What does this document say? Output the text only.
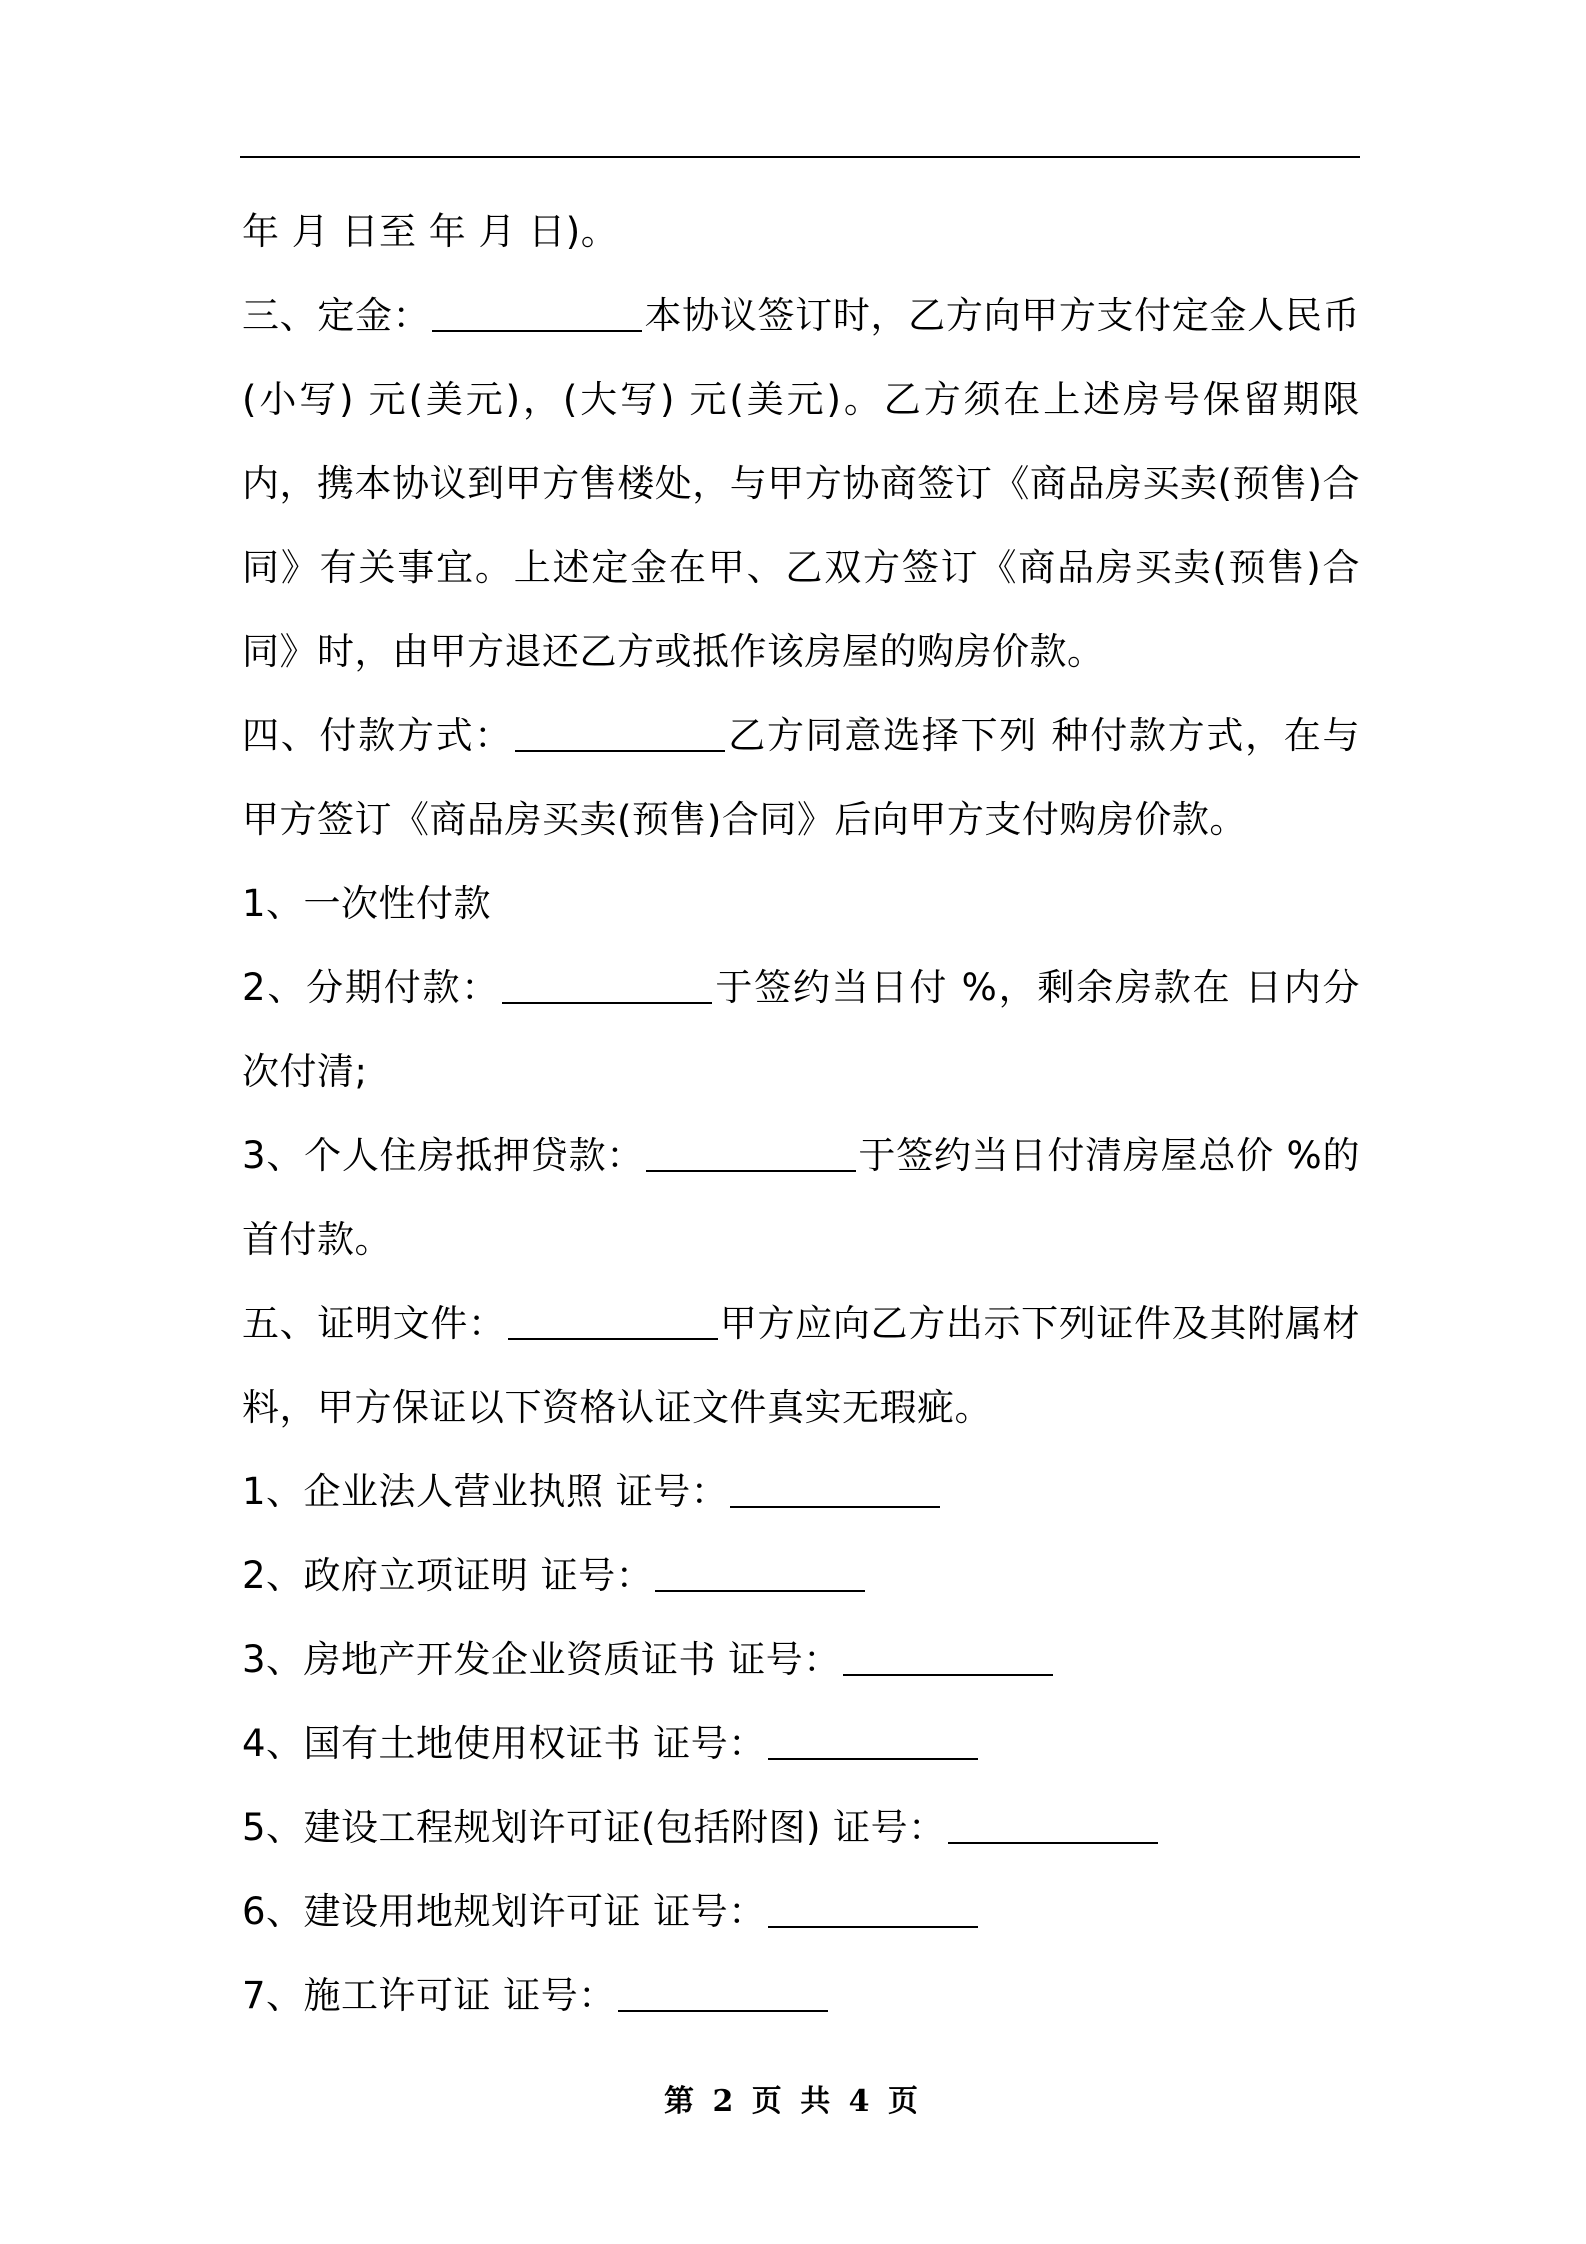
年 月 日至 年 月 日)。

三、定金：	本协议签订时，乙方向甲方支付定金人民币(小写) 元(美元)，(大写) 元(美元)。乙方须在上述房号保留期限内，携本协议到甲方售楼处，与甲方协商签订《商品房买卖(预售)合同》有关事宜。上述定金在甲、乙双方签订《商品房买卖(预售)合同》时，由甲方退还乙方或抵作该房屋的购房价款。

四、付款方式：	乙方同意选择下列 种付款方式，在与甲方签订《商品房买卖(预售)合同》后向甲方支付购房价款。

1、一次性付款

2、分期付款：	于签约当日付 %，剩余房款在 日内分 次付清;

3、个人住房抵押贷款：	于签约当日付清房屋总价 %的首付款。

五、证明文件：	甲方应向乙方出示下列证件及其附属材料，甲方保证以下资格认证文件真实无瑕疵。

1、企业法人营业执照 证号：

2、政府立项证明 证号：

3、房地产开发企业资质证书 证号：

4、国有土地使用权证书 证号：

5、建设工程规划许可证(包括附图) 证号：

6、建设用地规划许可证 证号：

7、施工许可证 证号：

第 2 页 共 4 页
